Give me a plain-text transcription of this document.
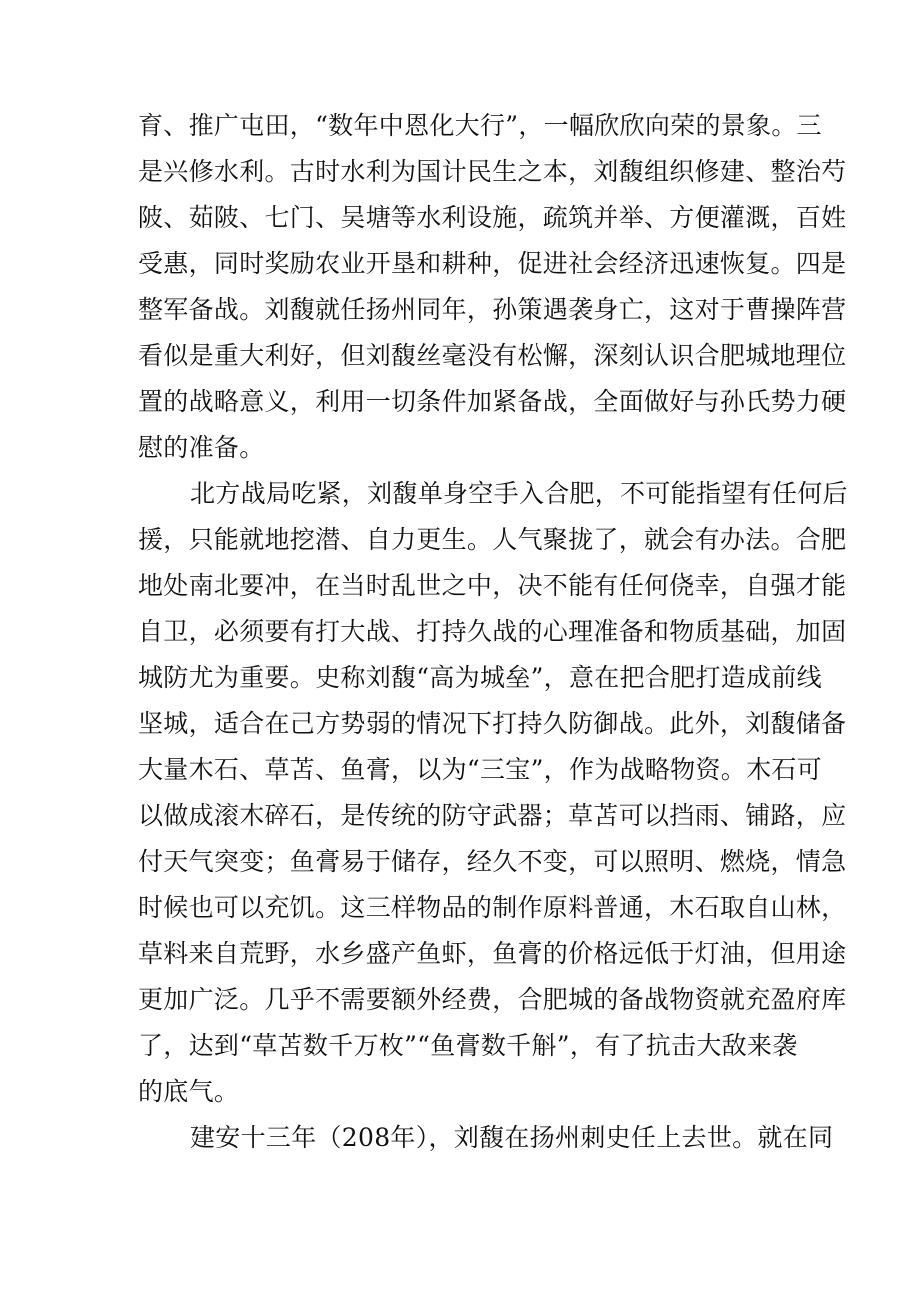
育、推广屯田，“数年中恩化大行”，一幅欣欣向荣的景象。三
是兴修水利。古时水利为国计民生之本，刘馥组织修建、整治芍
陂、茹陂、七门、吴塘等水利设施，疏筑并举、方便灌溉，百姓
受惠，同时奖励农业开垦和耕种，促进社会经济迅速恢复。四是
整军备战。刘馥就任扬州同年，孙策遇袭身亡，这对于曹操阵营
看似是重大利好，但刘馥丝毫没有松懈，深刻认识合肥城地理位
置的战略意义，利用一切条件加紧备战，全面做好与孙氏势力硬
慰的准备。
北方战局吃紧，刘馥单身空手入合肥，不可能指望有任何后
援，只能就地挖潜、自力更生。人气聚拢了，就会有办法。合肥
地处南北要冲，在当时乱世之中，决不能有任何侥幸，自强才能
自卫，必须要有打大战、打持久战的心理准备和物质基础，加固
城防尤为重要。史称刘馥“高为城垒”，意在把合肥打造成前线
坚城，适合在己方势弱的情况下打持久防御战。此外，刘馥储备
大量木石、草苫、鱼膏，以为“三宝”，作为战略物资。木石可
以做成滚木碎石，是传统的防守武器；草苫可以挡雨、铺路，应
付天气突变；鱼膏易于储存，经久不变，可以照明、燃烧，情急
时候也可以充饥。这三样物品的制作原料普通，木石取自山林，
草料来自荒野，水乡盛产鱼虾，鱼膏的价格远低于灯油，但用途
更加广泛。几乎不需要额外经费，合肥城的备战物资就充盈府库
了，达到“草苫数千万枚”“鱼膏数千斛”，有了抗击大敌来袭
的底气。
建安十三年（208年），刘馥在扬州刺史任上去世。就在同
